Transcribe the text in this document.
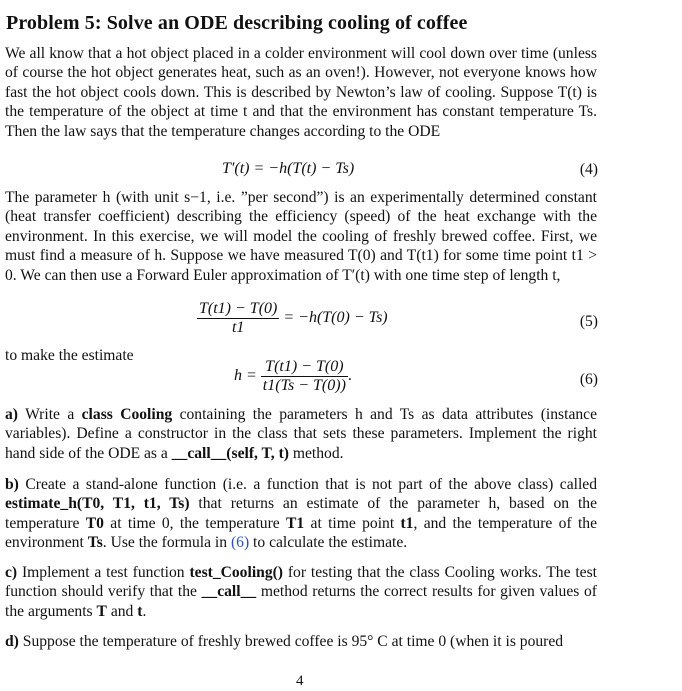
Problem 5: Solve an ODE describing cooling of coffee

We all know that a hot object placed in a colder environment will cool down over time (unless of course the hot object generates heat, such as an oven!). However, not everyone knows how fast the hot object cools down. This is described by Newton’s law of cooling. Suppose T(t) is the temperature of the object at time t and that the environment has constant temperature Ts. Then the law says that the temperature changes according to the ODE

T′(t) = −h(T(t) − Ts)	(4)

The parameter h (with unit s−1, i.e. ”per second”) is an experimentally determined constant (heat transfer coefficient) describing the efficiency (speed) of the heat exchange with the environment. In this exercise, we will model the cooling of freshly brewed coffee. First, we must find a measure of h. Suppose we have measured T(0) and T(t1) for some time point t1 > 0. We can then use a Forward Euler approximation of T′(t) with one time step of length t,

$\frac{T(t1) - T(0)}{t1} = -h(T(0) - Ts)$	(5)

to make the estimate

$h = \frac{T(t1) - T(0)}{t1(Ts - T(0))}$ .	(6)

a) Write a class Cooling containing the parameters h and Ts as data attributes (instance variables). Define a constructor in the class that sets these parameters. Implement the right hand side of the ODE as a __call__(self, T, t) method.

b) Create a stand-alone function (i.e. a function that is not part of the above class) called estimate_h(T0, T1, t1, Ts) that returns an estimate of the parameter h, based on the temperature T0 at time 0, the temperature T1 at time point t1, and the temperature of the environment Ts. Use the formula in (6) to calculate the estimate.

c) Implement a test function test_Cooling() for testing that the class Cooling works. The test function should verify that the __call__ method returns the correct results for given values of the arguments T and t.

d) Suppose the temperature of freshly brewed coffee is 95° C at time 0 (when it is poured

4
